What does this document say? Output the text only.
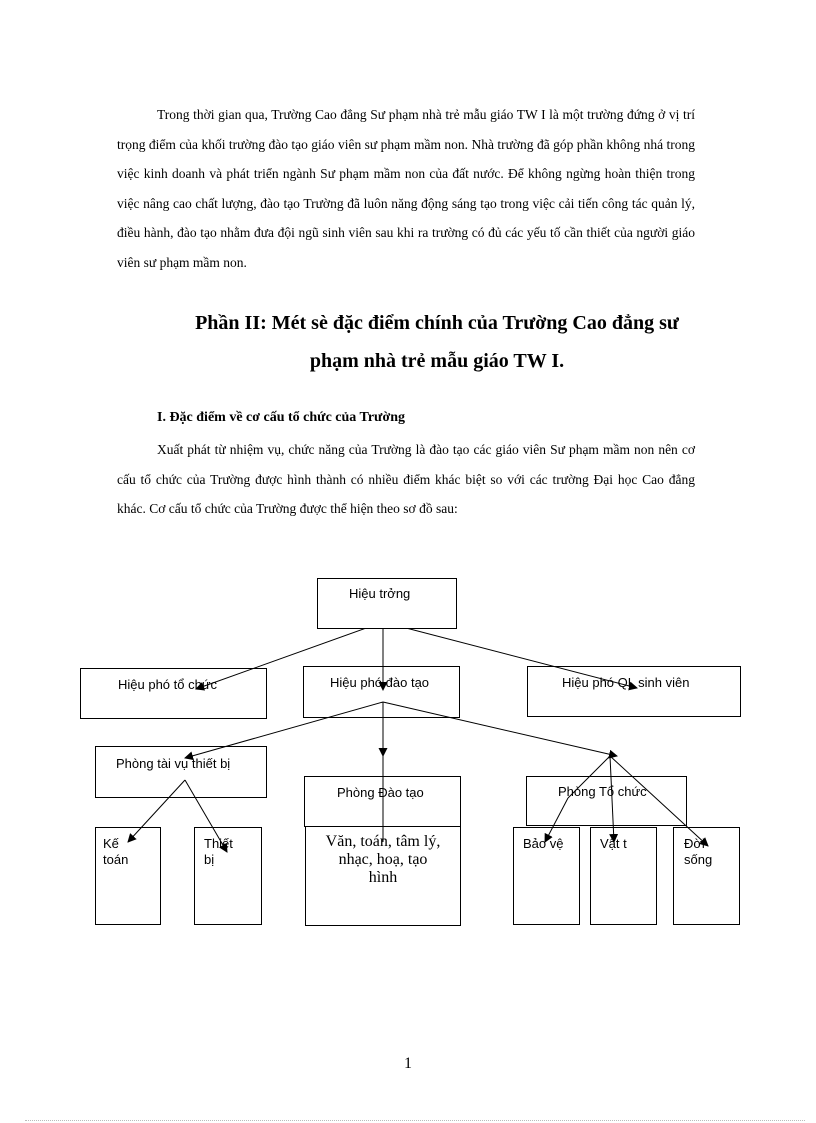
Trong thời gian qua, Trường Cao đẳng Sư phạm nhà trẻ mẫu giáo TW I là một trường đứng ở vị trí trọng điểm của khối trường đào tạo giáo viên sư phạm mầm non. Nhà trường đã góp phần không nhá trong việc kinh doanh và phát triển ngành Sư phạm mầm non của đất nước. Để không ngừng hoàn thiện trong việc nâng cao chất lượng, đào tạo Trường đã luôn năng động sáng tạo trong việc cải tiến công tác quản lý, điều hành, đào tạo nhằm đưa đội ngũ sinh viên sau khi ra trường có đủ các yếu tố cần thiết của người giáo viên sư phạm mầm non.

Phần II: Mét sè đặc điểm chính của Trường Cao đẳng sư

phạm nhà trẻ mẫu giáo TW I.

I. Đặc điểm về cơ cấu tổ chức của Trường

Xuất phát từ nhiệm vụ, chức năng của Trường là đào tạo các giáo viên Sư phạm mầm non nên cơ cấu tổ chức của Trường được hình thành có nhiều điểm khác biệt so với các trường Đại học Cao đẳng khác. Cơ cấu tổ chức của Trường được thể hiện theo sơ đồ sau:

Hiệu trởng
Hiệu phó tổ chức	Hiệu phó đào tạo	Hiệu phó QL sinh viên
Phòng tài vụ thiết bị
Phòng Đào tạo	Phòng Tổ chức
Kế
toán
Thiết
bị
Văn, toán, tâm lý,
nhạc, hoạ, tạo
hình
Bảo vệ	Vật t	Đời
sống
1
